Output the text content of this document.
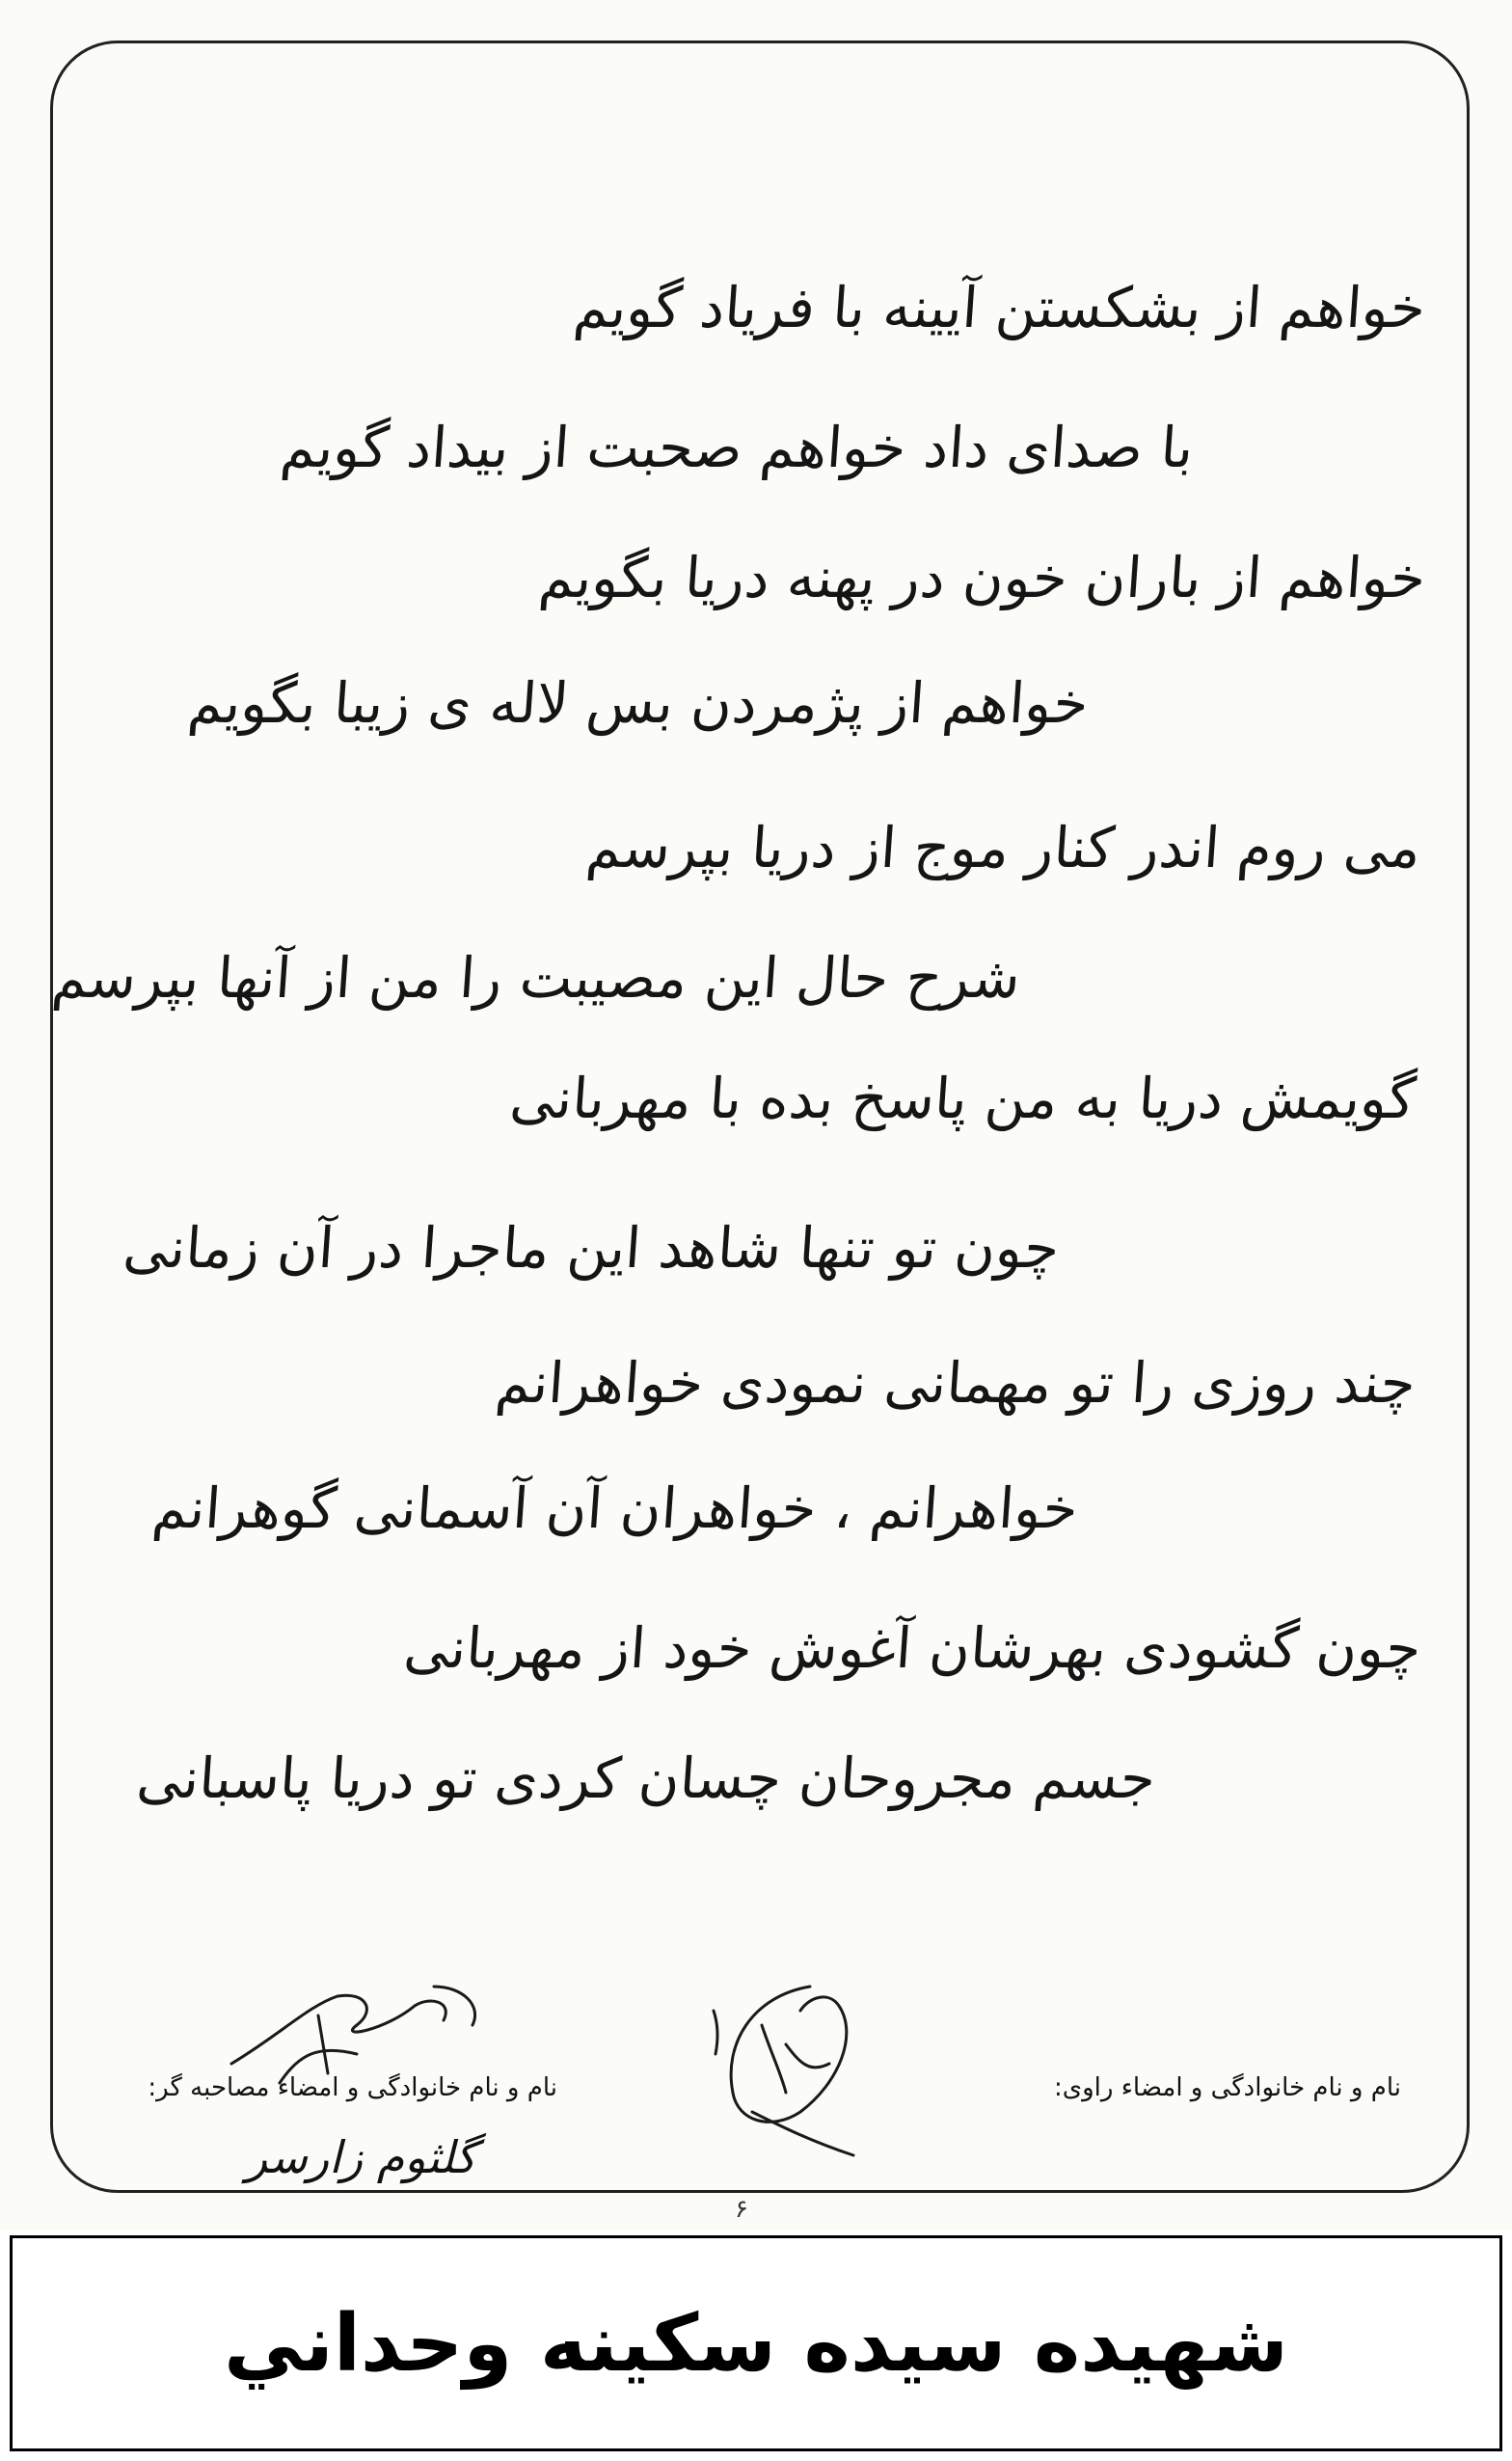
خواهم از بشکستن آیینه با فریاد گویم
با صدای داد خواهم صحبت از بیداد گویم
خواهم از باران خون در پهنه دریا بگویم
خواهم از پژمردن بس لاله ی زیبا بگویم
می روم اندر کنار موج از دریا بپرسم
شرح حال این مصیبت را من از آنها بپرسم
گویمش دریا به من پاسخ بده با مهربانی
چون تو تنها شاهد این ماجرا در آن زمانی
چند روزی را تو مهمانی نمودی خواهرانم
خواهرانم ، خواهران آن آسمانی گوهرانم
چون گشودی بهرشان آغوش خود از مهربانی
جسم مجروحان چسان کردی تو دریا پاسبانی
گلثوم زارسر
نام و نام خانوادگی و امضاء راوی:
نام و نام خانوادگی و امضاء مصاحبه گر:
۶
شهيده سيده سكينه وحداني
